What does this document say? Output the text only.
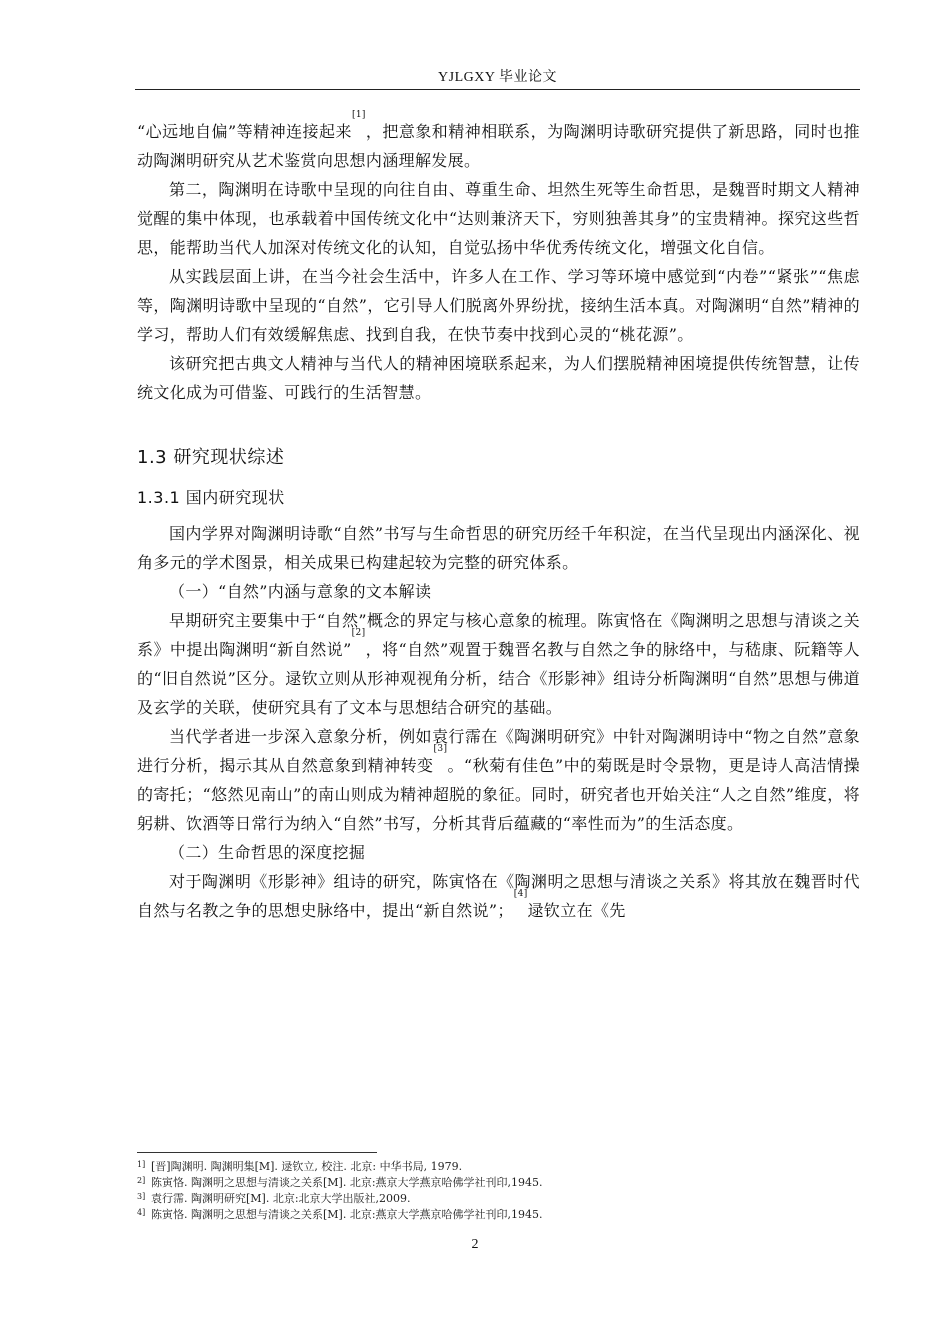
YJLGXY 毕业论文

“心远地自偏”等精神连接起来[1]，把意象和精神相联系，为陶渊明诗歌研究提供了新思路，同时也推动陶渊明研究从艺术鉴赏向思想内涵理解发展。

第二，陶渊明在诗歌中呈现的向往自由、尊重生命、坦然生死等生命哲思，是魏晋时期文人精神觉醒的集中体现，也承载着中国传统文化中“达则兼济天下，穷则独善其身”的宝贵精神。探究这些哲思，能帮助当代人加深对传统文化的认知，自觉弘扬中华优秀传统文化，增强文化自信。

从实践层面上讲，在当今社会生活中，许多人在工作、学习等环境中感觉到“内卷”“紧张”“焦虑等，陶渊明诗歌中呈现的“自然”，它引导人们脱离外界纷扰，接纳生活本真。对陶渊明“自然”精神的学习，帮助人们有效缓解焦虑、找到自我，在快节奏中找到心灵的“桃花源”。

该研究把古典文人精神与当代人的精神困境联系起来，为人们摆脱精神困境提供传统智慧，让传统文化成为可借鉴、可践行的生活智慧。

1.3 研究现状综述
1.3.1 国内研究现状

国内学界对陶渊明诗歌“自然”书写与生命哲思的研究历经千年积淀，在当代呈现出内涵深化、视角多元的学术图景，相关成果已构建起较为完整的研究体系。

（一）“自然”内涵与意象的文本解读

早期研究主要集中于“自然”概念的界定与核心意象的梳理。陈寅恪在《陶渊明之思想与清谈之关系》中提出陶渊明“新自然说”[2]，将“自然”观置于魏晋名教与自然之争的脉络中，与嵇康、阮籍等人的“旧自然说”区分。逯钦立则从形神观视角分析，结合《形影神》组诗分析陶渊明“自然”思想与佛道及玄学的关联，使研究具有了文本与思想结合研究的基础。

当代学者进一步深入意象分析，例如袁行霈在《陶渊明研究》中针对陶渊明诗中“物之自然”意象进行分析，揭示其从自然意象到精神转变[3]。“秋菊有佳色”中的菊既是时令景物，更是诗人高洁情操的寄托；“悠然见南山”的南山则成为精神超脱的象征。同时，研究者也开始关注“人之自然”维度，将躬耕、饮酒等日常行为纳入“自然”书写，分析其背后蕴藏的“率性而为”的生活态度。

（二）生命哲思的深度挖掘

对于陶渊明《形影神》组诗的研究，陈寅恪在《陶渊明之思想与清谈之关系》将其放在魏晋时代自然与名教之争的思想史脉络中，提出“新自然说”；[4]逯钦立在《先

1] [晋]陶渊明. 陶渊明集[M]. 逯钦立, 校注. 北京: 中华书局, 1979.
2] 陈寅恪. 陶渊明之思想与清谈之关系[M]. 北京:燕京大学燕京哈佛学社刊印,1945.
3] 袁行霈. 陶渊明研究[M]. 北京:北京大学出版社,2009.
4] 陈寅恪. 陶渊明之思想与清谈之关系[M]. 北京:燕京大学燕京哈佛学社刊印,1945.
2
